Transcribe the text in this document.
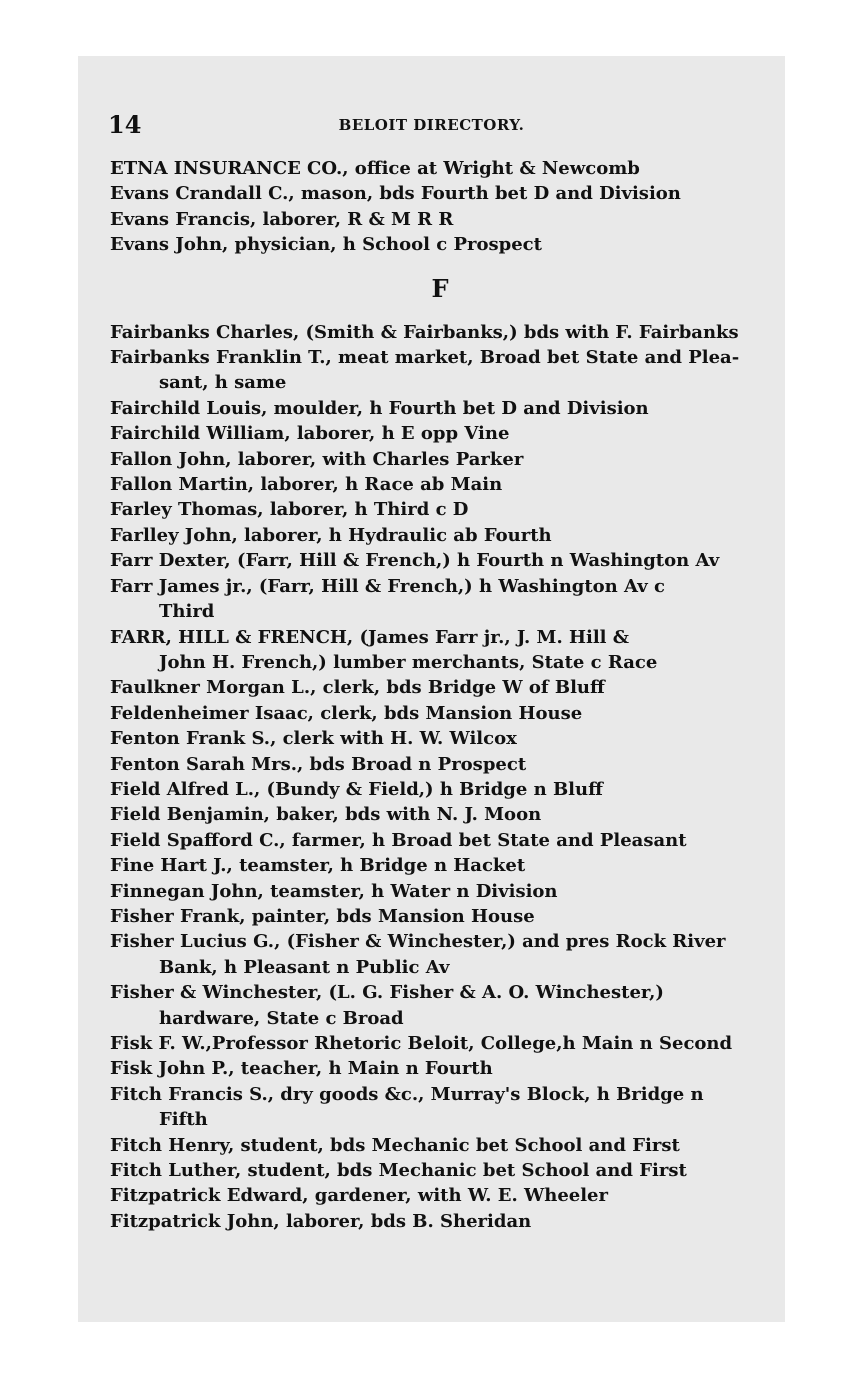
14	BELOIT DIRECTORY.
ETNA INSURANCE CO., office at Wright & Newcomb
Evans Crandall C., mason, bds Fourth bet D and Division
Evans Francis, laborer, R & M R R
Evans John, physician, h School c Prospect
F
Fairbanks Charles, (Smith & Fairbanks,) bds with F. Fairbanks
Fairbanks Franklin T., meat market, Broad bet State and Plea-
sant, h same
Fairchild Louis, moulder, h Fourth bet D and Division
Fairchild William, laborer, h E opp Vine
Fallon John, laborer, with Charles Parker
Fallon Martin, laborer, h Race ab Main
Farley Thomas, laborer, h Third c D
Farlley John, laborer, h Hydraulic ab Fourth
Farr Dexter, (Farr, Hill & French,) h Fourth n Washington Av
Farr James jr., (Farr, Hill & French,) h Washington Av c
Third
FARR, HILL & FRENCH, (James Farr jr., J. M. Hill &
John H. French,) lumber merchants, State c Race
Faulkner Morgan L., clerk, bds Bridge W of Bluff
Feldenheimer Isaac, clerk, bds Mansion House
Fenton Frank S., clerk with H. W. Wilcox
Fenton Sarah Mrs., bds Broad n Prospect
Field Alfred L., (Bundy & Field,) h Bridge n Bluff
Field Benjamin, baker, bds with N. J. Moon
Field Spafford C., farmer, h Broad bet State and Pleasant
Fine Hart J., teamster, h Bridge n Hacket
Finnegan John, teamster, h Water n Division
Fisher Frank, painter, bds Mansion House
Fisher Lucius G., (Fisher & Winchester,) and pres Rock River
Bank, h Pleasant n Public Av
Fisher & Winchester, (L. G. Fisher & A. O. Winchester,)
hardware, State c Broad
Fisk F. W.,Professor Rhetoric Beloit, College,h Main n Second
Fisk John P., teacher, h Main n Fourth
Fitch Francis S., dry goods &c., Murray's Block, h Bridge n
Fifth
Fitch Henry, student, bds Mechanic bet School and First
Fitch Luther, student, bds Mechanic bet School and First
Fitzpatrick Edward, gardener, with W. E. Wheeler
Fitzpatrick John, laborer, bds B. Sheridan
